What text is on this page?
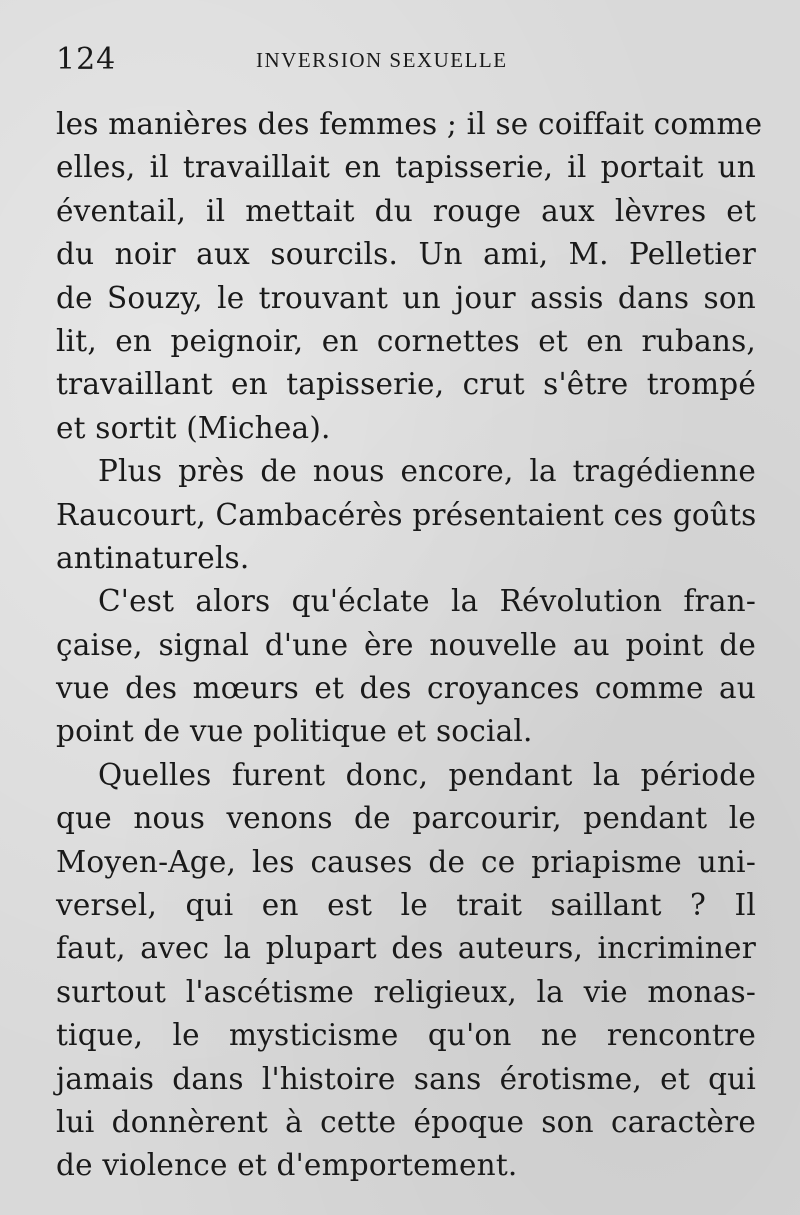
124	INVERSION SEXUELLE
les manières des femmes ; il se coiffait comme
elles, il travaillait en tapisserie, il portait un
éventail, il mettait du rouge aux lèvres et
du noir aux sourcils. Un ami, M. Pelletier
de Souzy, le trouvant un jour assis dans son
lit, en peignoir, en cornettes et en rubans,
travaillant en tapisserie, crut s'être trompé
et sortit (Michea).
Plus près de nous encore, la tragédienne
Raucourt, Cambacérès présentaient ces goûts
antinaturels.
C'est alors qu'éclate la Révolution fran-
çaise, signal d'une ère nouvelle au point de
vue des mœurs et des croyances comme au
point de vue politique et social.
Quelles furent donc, pendant la période
que nous venons de parcourir, pendant le
Moyen-Age, les causes de ce priapisme uni-
versel, qui en est le trait saillant ? Il
faut, avec la plupart des auteurs, incriminer
surtout l'ascétisme religieux, la vie monas-
tique, le mysticisme qu'on ne rencontre
jamais dans l'histoire sans érotisme, et qui
lui donnèrent à cette époque son caractère
de violence et d'emportement.
